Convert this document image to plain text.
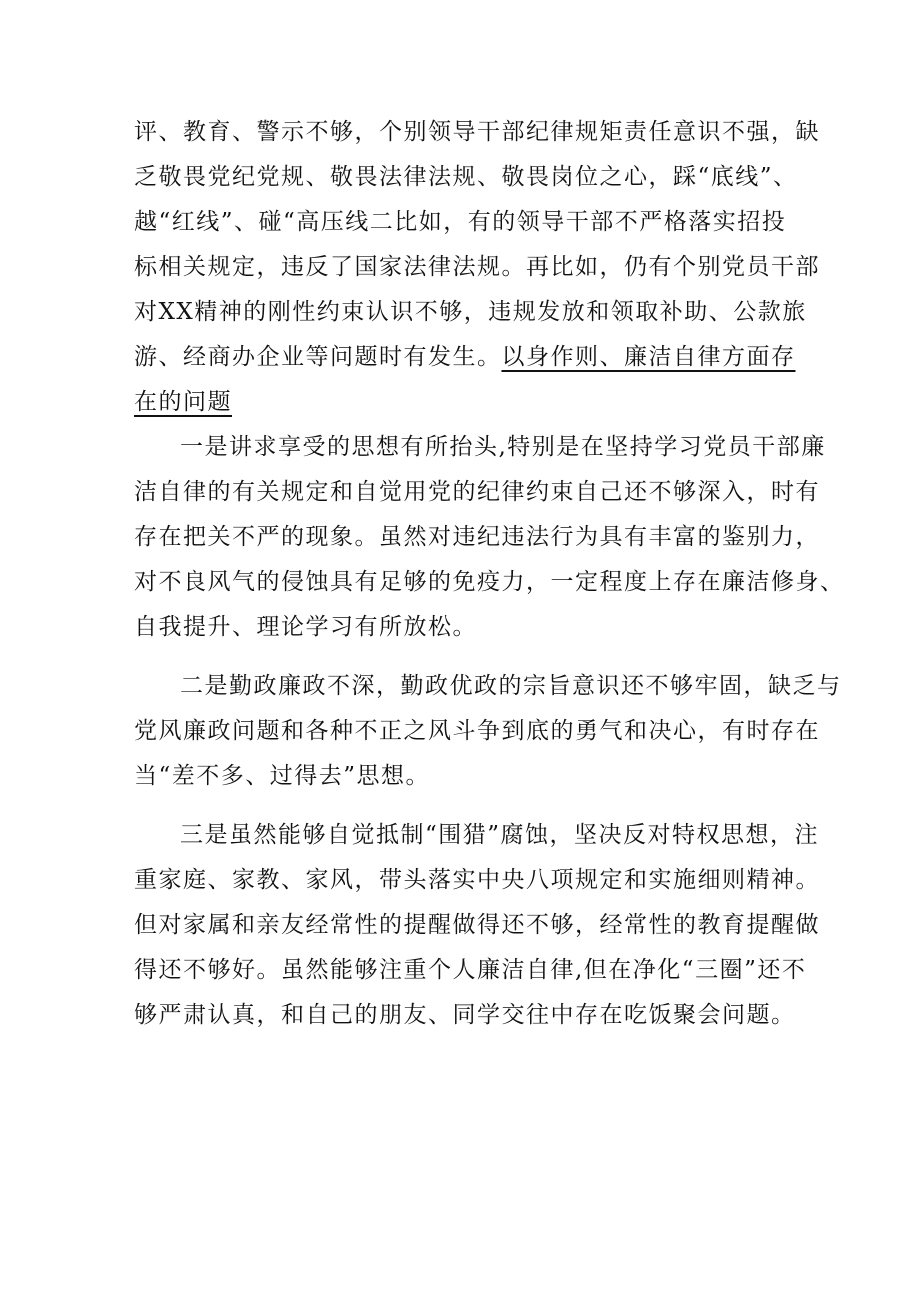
评、教育、警示不够，个别领导干部纪律规矩责任意识不强，缺
乏敬畏党纪党规、敬畏法律法规、敬畏岗位之心，踩“底线”、
越“红线”、碰“高压线二比如，有的领导干部不严格落实招投
标相关规定，违反了国家法律法规。再比如，仍有个别党员干部
对XX精神的刚性约束认识不够，违规发放和领取补助、公款旅
游、经商办企业等问题时有发生。以身作则、廉洁自律方面存
在的问题
一是讲求享受的思想有所抬头,特别是在坚持学习党员干部廉
洁自律的有关规定和自觉用党的纪律约束自己还不够深入，时有
存在把关不严的现象。虽然对违纪违法行为具有丰富的鉴别力，
对不良风气的侵蚀具有足够的免疫力，一定程度上存在廉洁修身、
自我提升、理论学习有所放松。
二是勤政廉政不深，勤政优政的宗旨意识还不够牢固，缺乏与
党风廉政问题和各种不正之风斗争到底的勇气和决心，有时存在
当“差不多、过得去”思想。
三是虽然能够自觉抵制“围猎”腐蚀，坚决反对特权思想，注
重家庭、家教、家风，带头落实中央八项规定和实施细则精神。
但对家属和亲友经常性的提醒做得还不够，经常性的教育提醒做
得还不够好。虽然能够注重个人廉洁自律,但在净化“三圈”还不
够严肃认真，和自己的朋友、同学交往中存在吃饭聚会问题。
